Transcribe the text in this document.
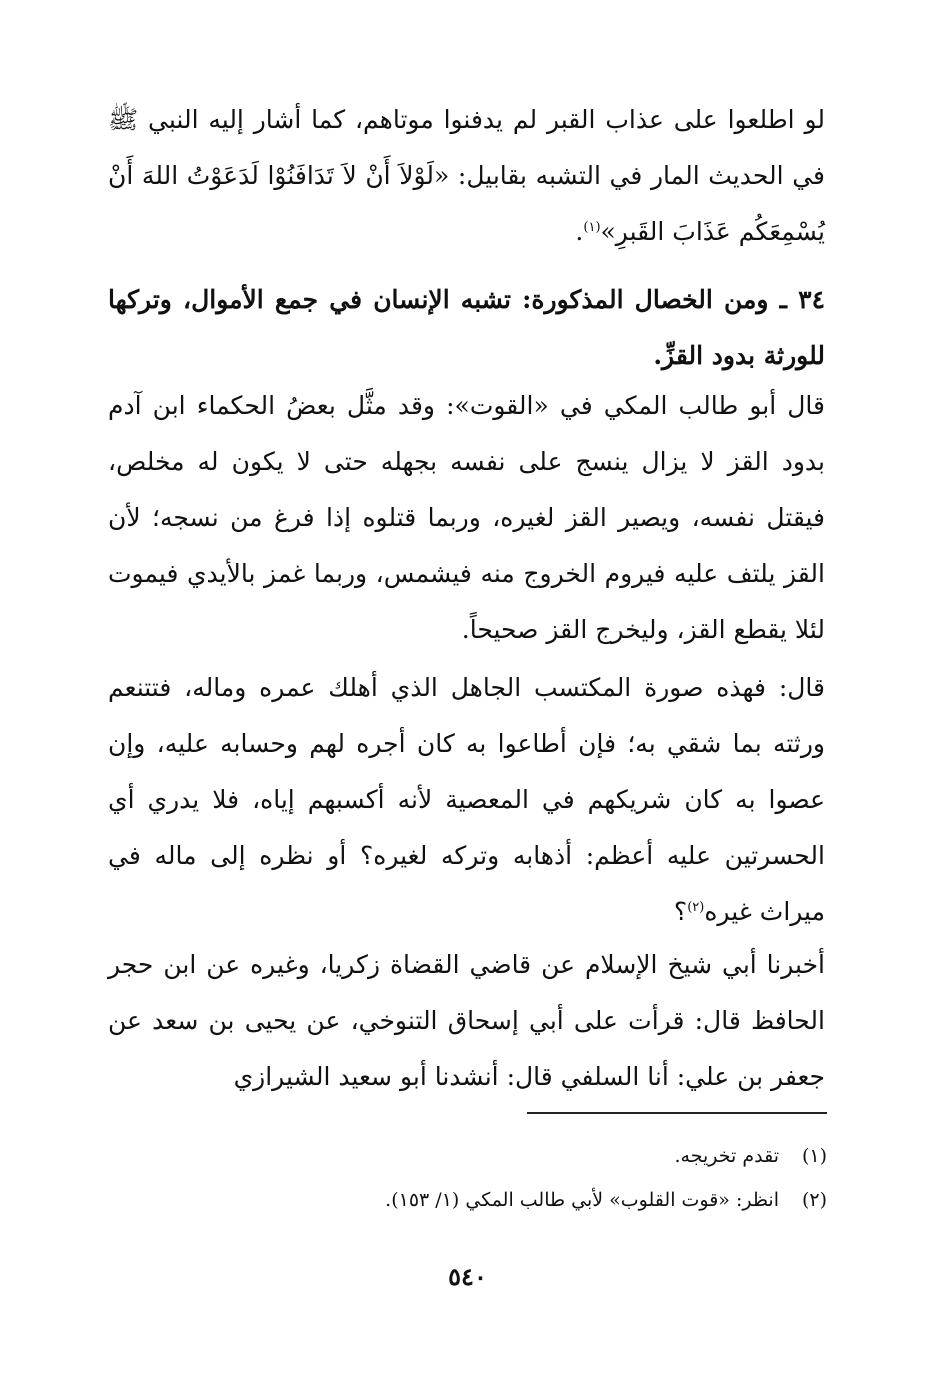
لو اطلعوا على عذاب القبر لم يدفنوا موتاهم، كما أشار إليه النبي ﷺ في الحديث المار في التشبه بقابيل: «لَوْلاَ أَنْ لاَ تَدَافَنُوْا لَدَعَوْتُ اللهَ أَنْ يُسْمِعَكُم عَذَابَ القَبرِ»$^{(١)}$.

٣٤ ـ ومن الخصال المذكورة: تشبه الإنسان في جمع الأموال، وتركها للورثة بدود القزِّ.

قال أبو طالب المكي في «القوت»: وقد مثَّل بعضُ الحكماء ابن آدم بدود القز لا يزال ينسج على نفسه بجهله حتى لا يكون له مخلص، فيقتل نفسه، ويصير القز لغيره، وربما قتلوه إذا فرغ من نسجه؛ لأن القز يلتف عليه فيروم الخروج منه فيشمس، وربما غمز بالأيدي فيموت لئلا يقطع القز، وليخرج القز صحيحاً.

قال: فهذه صورة المكتسب الجاهل الذي أهلك عمره وماله، فتتنعم ورثته بما شقي به؛ فإن أطاعوا به كان أجره لهم وحسابه عليه، وإن عصوا به كان شريكهم في المعصية لأنه أكسبهم إياه، فلا يدري أي الحسرتين عليه أعظم: أذهابه وتركه لغيره؟ أو نظره إلى ماله في ميراث غيره$^{(٢)}$؟

أخبرنا أبي شيخ الإسلام عن قاضي القضاة زكريا، وغيره عن ابن حجر الحافظ قال: قرأت على أبي إسحاق التنوخي، عن يحيى بن سعد عن جعفر بن علي: أنا السلفي قال: أنشدنا أبو سعيد الشيرازي

(١)تقدم تخريجه.
(٢)انظر: «قوت القلوب» لأبي طالب المكي (١/ ١٥٣).
٥٤٠
